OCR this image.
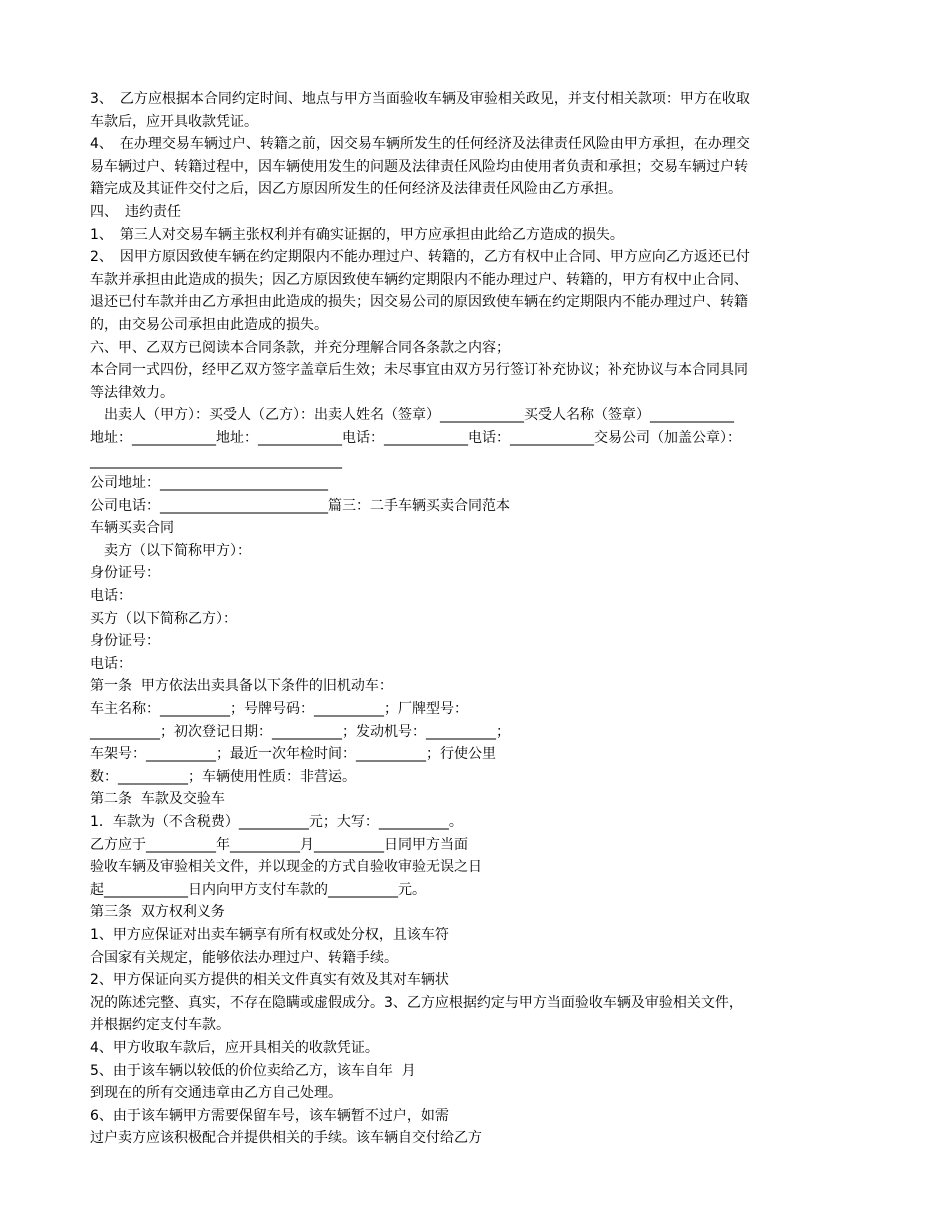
3、　乙方应根据本合同约定时间、地点与甲方当面验收车辆及审验相关政见，并支付相关款项：甲方在收取
车款后，应开具收款凭证。
4、　在办理交易车辆过户、转籍之前，因交易车辆所发生的任何经济及法律责任风险由甲方承担，在办理交
易车辆过户、转籍过程中，因车辆使用发生的问题及法律责任风险均由使用者负责和承担；交易车辆过户转
籍完成及其证件交付之后，因乙方原因所发生的任何经济及法律责任风险由乙方承担。
四、　违约责任
1、　第三人对交易车辆主张权利并有确实证据的，甲方应承担由此给乙方造成的损失。
2、　因甲方原因致使车辆在约定期限内不能办理过户、转籍的，乙方有权中止合同、甲方应向乙方返还已付
车款并承担由此造成的损失；因乙方原因致使车辆约定期限内不能办理过户、转籍的，甲方有权中止合同、
退还已付车款并由乙方承担由此造成的损失；因交易公司的原因致使车辆在约定期限内不能办理过户、转籍
的，由交易公司承担由此造成的损失。
六、甲、乙双方已阅读本合同条款，并充分理解合同各条款之内容；
本合同一式四份，经甲乙双方签字盖章后生效；未尽事宜由双方另行签订补充协议；补充协议与本合同具同
等法律效力。
　出卖人（甲方）：买受人（乙方）：出卖人姓名（签章）____________买受人名称（签章）____________
地址：____________地址：____________电话：____________电话：____________交易公司（加盖公章）：
____________________________________
公司地址：________________________
公司电话：________________________篇三：二手车辆买卖合同范本
车辆买卖合同
　卖方（以下简称甲方）：
身份证号：
电话：
买方（以下简称乙方）：
身份证号：
电话：
第一条  甲方依法出卖具备以下条件的旧机动车：
车主名称：__________；号牌号码：__________；厂牌型号：
__________；初次登记日期：__________；发动机号：__________；
车架号：__________；最近一次年检时间：__________；行使公里
数：__________；车辆使用性质：非营运。
第二条  车款及交验车
1．车款为（不含税费）__________元；大写：__________。
乙方应于__________年__________月__________日同甲方当面
验收车辆及审验相关文件，并以现金的方式自验收审验无误之日
起____________日内向甲方支付车款的__________元。
第三条  双方权利义务
1、甲方应保证对出卖车辆享有所有权或处分权，且该车符
合国家有关规定，能够依法办理过户、转籍手续。
2、甲方保证向买方提供的相关文件真实有效及其对车辆状
况的陈述完整、真实，不存在隐瞒或虚假成分。3、乙方应根据约定与甲方当面验收车辆及审验相关文件，
并根据约定支付车款。
4、甲方收取车款后，应开具相关的收款凭证。
5、由于该车辆以较低的价位卖给乙方，该车自年  月
到现在的所有交通违章由乙方自己处理。
6、由于该车辆甲方需要保留车号，该车辆暂不过户，如需
过户卖方应该积极配合并提供相关的手续。该车辆自交付给乙方
